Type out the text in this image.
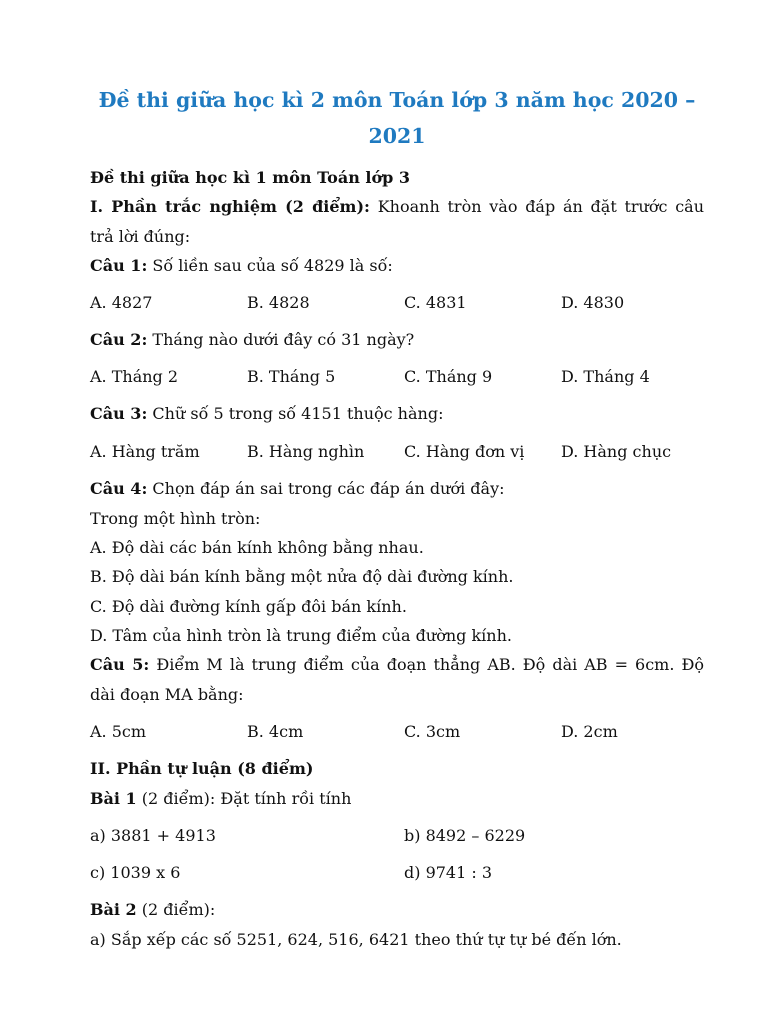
Đề thi giữa học kì 2 môn Toán lớp 3 năm học 2020 –
2021
Đề thi giữa học kì 1 môn Toán lớp 3
I. Phần trắc nghiệm (2 điểm): Khoanh tròn vào đáp án đặt trước câu
trả lời đúng:
Câu 1: Số liền sau của số 4829 là số:
A. 4827	B. 4828	C. 4831	D. 4830
Câu 2: Tháng nào dưới đây có 31 ngày?
A. Tháng 2	B. Tháng 5	C. Tháng 9	D. Tháng 4
Câu 3: Chữ số 5 trong số 4151 thuộc hàng:
A. Hàng trăm	B. Hàng nghìn C. Hàng đơn vị D. Hàng chục
Câu 4: Chọn đáp án sai trong các đáp án dưới đây:
Trong một hình tròn:
A. Độ dài các bán kính không bằng nhau.
B. Độ dài bán kính bằng một nửa độ dài đường kính.
C. Độ dài đường kính gấp đôi bán kính.
D. Tâm của hình tròn là trung điểm của đường kính.
Câu 5: Điểm M là trung điểm của đoạn thẳng AB. Độ dài AB = 6cm. Độ
dài đoạn MA bằng:
A. 5cm	B. 4cm	C. 3cm	D. 2cm
II. Phần tự luận (8 điểm)
Bài 1 (2 điểm): Đặt tính rồi tính
a) 3881 + 4913	b) 8492 – 6229
c) 1039 x 6	d) 9741 : 3
Bài 2 (2 điểm):
a) Sắp xếp các số 5251, 624, 516, 6421 theo thứ tự tự bé đến lớn.
